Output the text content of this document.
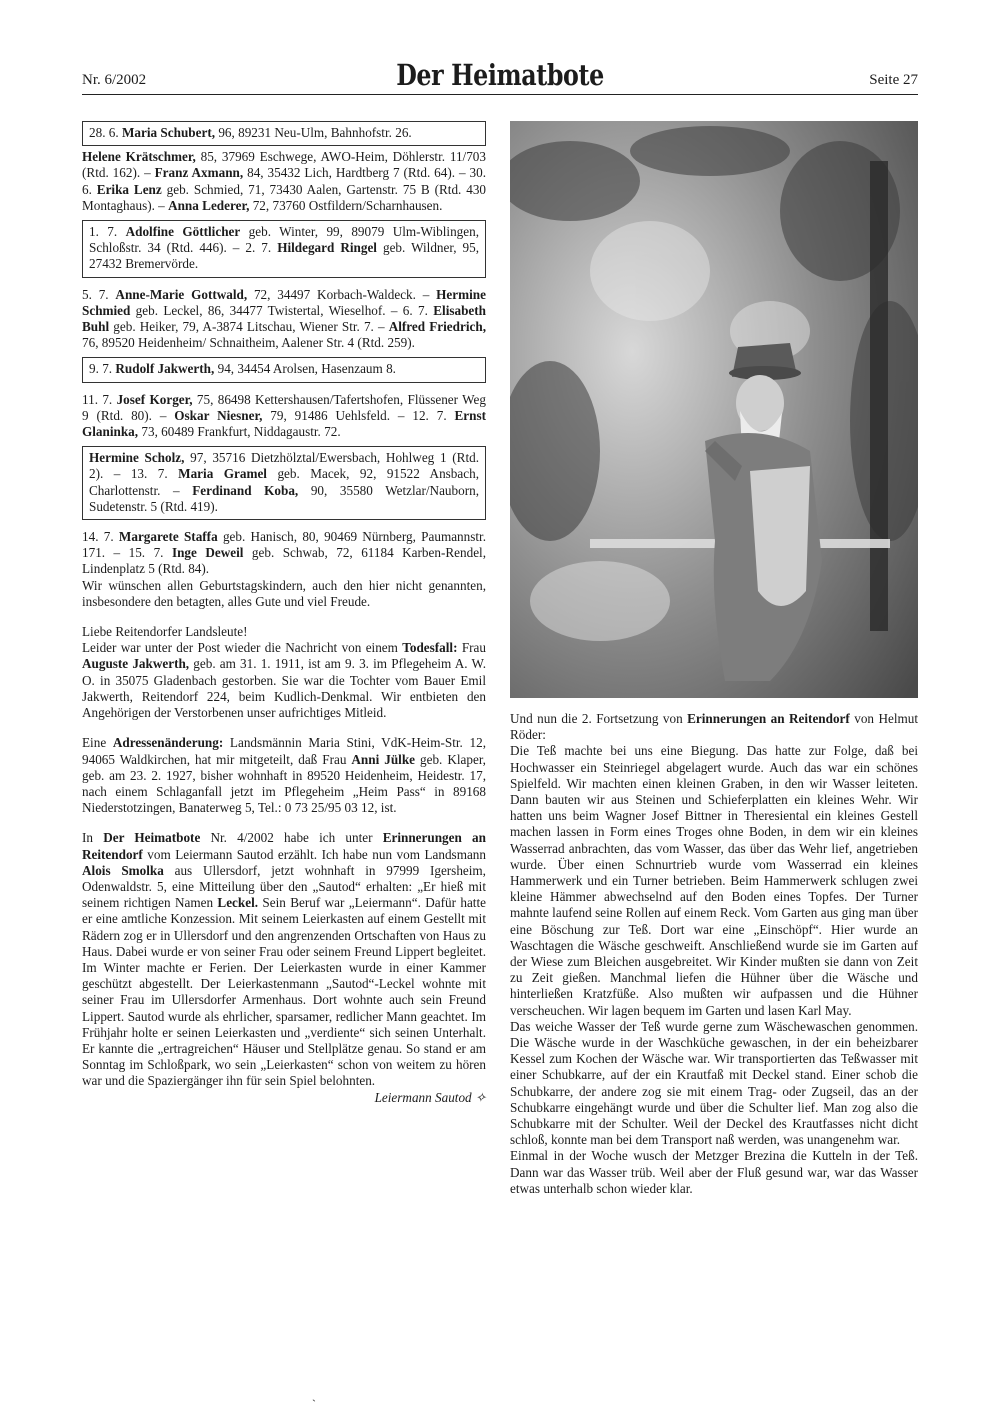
Nr. 6/2002	Der Heimatbote	Seite 27
28. 6. Maria Schubert, 96, 89231 Neu-Ulm, Bahnhofstr. 26.

Helene Krätschmer, 85, 37969 Eschwege, AWO-Heim, Döhlerstr. 11/703 (Rtd. 162). – Franz Axmann, 84, 35432 Lich, Hardtberg 7 (Rtd. 64). – 30. 6. Erika Lenz geb. Schmied, 71, 73430 Aalen, Gartenstr. 75 B (Rtd. 430 Montaghaus). – Anna Lederer, 72, 73760 Ostfildern/Scharnhausen.

1. 7. Adolfine Göttlicher geb. Winter, 99, 89079 Ulm-Wiblingen, Schloßstr. 34 (Rtd. 446). – 2. 7. Hildegard Ringel geb. Wildner, 95, 27432 Bremervörde.

5. 7. Anne-Marie Gottwald, 72, 34497 Korbach-Waldeck. – Hermine Schmied geb. Leckel, 86, 34477 Twistertal, Wieselhof. – 6. 7. Elisabeth Buhl geb. Heiker, 79, A-3874 Litschau, Wiener Str. 7. – Alfred Friedrich, 76, 89520 Heidenheim/ Schnaitheim, Aalener Str. 4 (Rtd. 259).

9. 7. Rudolf Jakwerth, 94, 34454 Arolsen, Hasenzaum 8.

11. 7. Josef Korger, 75, 86498 Kettershausen/Tafertshofen, Flüssener Weg 9 (Rtd. 80). – Oskar Niesner, 79, 91486 Uehlsfeld. – 12. 7. Ernst Glaninka, 73, 60489 Frankfurt, Niddagaustr. 72.

Hermine Scholz, 97, 35716 Dietzhölztal/Ewersbach, Hohlweg 1 (Rtd. 2). – 13. 7. Maria Gramel geb. Macek, 92, 91522 Ansbach, Charlottenstr. – Ferdinand Koba, 90, 35580 Wetzlar/Nauborn, Sudetenstr. 5 (Rtd. 419).

14. 7. Margarete Staffa geb. Hanisch, 80, 90469 Nürnberg, Paumannstr. 171. – 15. 7. Inge Deweil geb. Schwab, 72, 61184 Karben-Rendel, Lindenplatz 5 (Rtd. 84).

Wir wünschen allen Geburtstagskindern, auch den hier nicht genannten, insbesondere den betagten, alles Gute und viel Freude.

Liebe Reitendorfer Landsleute!

Leider war unter der Post wieder die Nachricht von einem Todesfall: Frau Auguste Jakwerth, geb. am 31. 1. 1911, ist am 9. 3. im Pflegeheim A. W. O. in 35075 Gladenbach gestorben. Sie war die Tochter vom Bauer Emil Jakwerth, Reitendorf 224, beim Kudlich-Denkmal. Wir entbieten den Angehörigen der Verstorbenen unser aufrichtiges Mitleid.

Eine Adressenänderung: Landsmännin Maria Stini, VdK-Heim-Str. 12, 94065 Waldkirchen, hat mir mitgeteilt, daß Frau Anni Jülke geb. Klaper, geb. am 23. 2. 1927, bisher wohnhaft in 89520 Heidenheim, Heidestr. 17, nach einem Schlaganfall jetzt im Pflegeheim „Heim Pass“ in 89168 Niederstotzingen, Banaterweg 5, Tel.: 0 73 25/95 03 12, ist.

In Der Heimatbote Nr. 4/2002 habe ich unter Erinnerungen an Reitendorf vom Leiermann Sautod erzählt. Ich habe nun vom Landsmann Alois Smolka aus Ullersdorf, jetzt wohnhaft in 97999 Igersheim, Odenwaldstr. 5, eine Mitteilung über den „Sautod“ erhalten: „Er hieß mit seinem richtigen Namen Leckel. Sein Beruf war „Leiermann“. Dafür hatte er eine amtliche Konzession. Mit seinem Leierkasten auf einem Gestellt mit Rädern zog er in Ullersdorf und den angrenzenden Ortschaften von Haus zu Haus. Dabei wurde er von seiner Frau oder seinem Freund Lippert begleitet. Im Winter machte er Ferien. Der Leierkasten wurde in einer Kammer geschützt abgestellt. Der Leierkastenmann „Sautod“-Leckel wohnte mit seiner Frau im Ullersdorfer Armenhaus. Dort wohnte auch sein Freund Lippert. Sautod wurde als ehrlicher, sparsamer, redlicher Mann geachtet. Im Frühjahr holte er seinen Leierkasten und „verdiente“ sich seinen Unterhalt. Er kannte die „ertragreichen“ Häuser und Stellplätze genau. So stand er am Sonntag im Schloßpark, wo sein „Leierkasten“ schon von weitem zu hören war und die Spaziergänger ihn für sein Spiel belohnten.
Leiermann Sautod ✧

Und nun die 2. Fortsetzung von Erinnerungen an Reitendorf von Helmut Röder:

Die Teß machte bei uns eine Biegung. Das hatte zur Folge, daß bei Hochwasser ein Steinriegel abgelagert wurde. Auch das war ein schönes Spielfeld. Wir machten einen kleinen Graben, in den wir Wasser leiteten. Dann bauten wir aus Steinen und Schieferplatten ein kleines Wehr. Wir hatten uns beim Wagner Josef Bittner in Theresiental ein kleines Gestell machen lassen in Form eines Troges ohne Boden, in dem wir ein kleines Wasserrad anbrachten, das vom Wasser, das über das Wehr lief, angetrieben wurde. Über einen Schnurtrieb wurde vom Wasserrad ein kleines Hammerwerk und ein Turner betrieben. Beim Hammerwerk schlugen zwei kleine Hämmer abwechselnd auf den Boden eines Topfes. Der Turner mahnte laufend seine Rollen auf einem Reck. Vom Garten aus ging man über eine Böschung zur Teß. Dort war eine „Einschöpf“. Hier wurde an Waschtagen die Wäsche geschweift. Anschließend wurde sie im Garten auf der Wiese zum Bleichen ausgebreitet. Wir Kinder mußten sie dann von Zeit zu Zeit gießen. Manchmal liefen die Hühner über die Wäsche und hinterließen Kratzfüße. Also mußten wir aufpassen und die Hühner verscheuchen. Wir lagen bequem im Garten und lasen Karl May.

Das weiche Wasser der Teß wurde gerne zum Wäschewaschen genommen. Die Wäsche wurde in der Waschküche gewaschen, in der ein beheizbarer Kessel zum Kochen der Wäsche war. Wir transportierten das Teßwasser mit einer Schubkarre, auf der ein Krautfaß mit Deckel stand. Einer schob die Schubkarre, der andere zog sie mit einem Trag- oder Zugseil, das an der Schubkarre eingehängt wurde und über die Schulter lief. Man zog also die Schubkarre mit der Schulter. Weil der Deckel des Krautfasses nicht dicht schloß, konnte man bei dem Transport naß werden, was unangenehm war.

Einmal in der Woche wusch der Metzger Brezina die Kutteln in der Teß. Dann war das Wasser trüb. Weil aber der Fluß gesund war, war das Wasser etwas unterhalb schon wieder klar.

ˏ
